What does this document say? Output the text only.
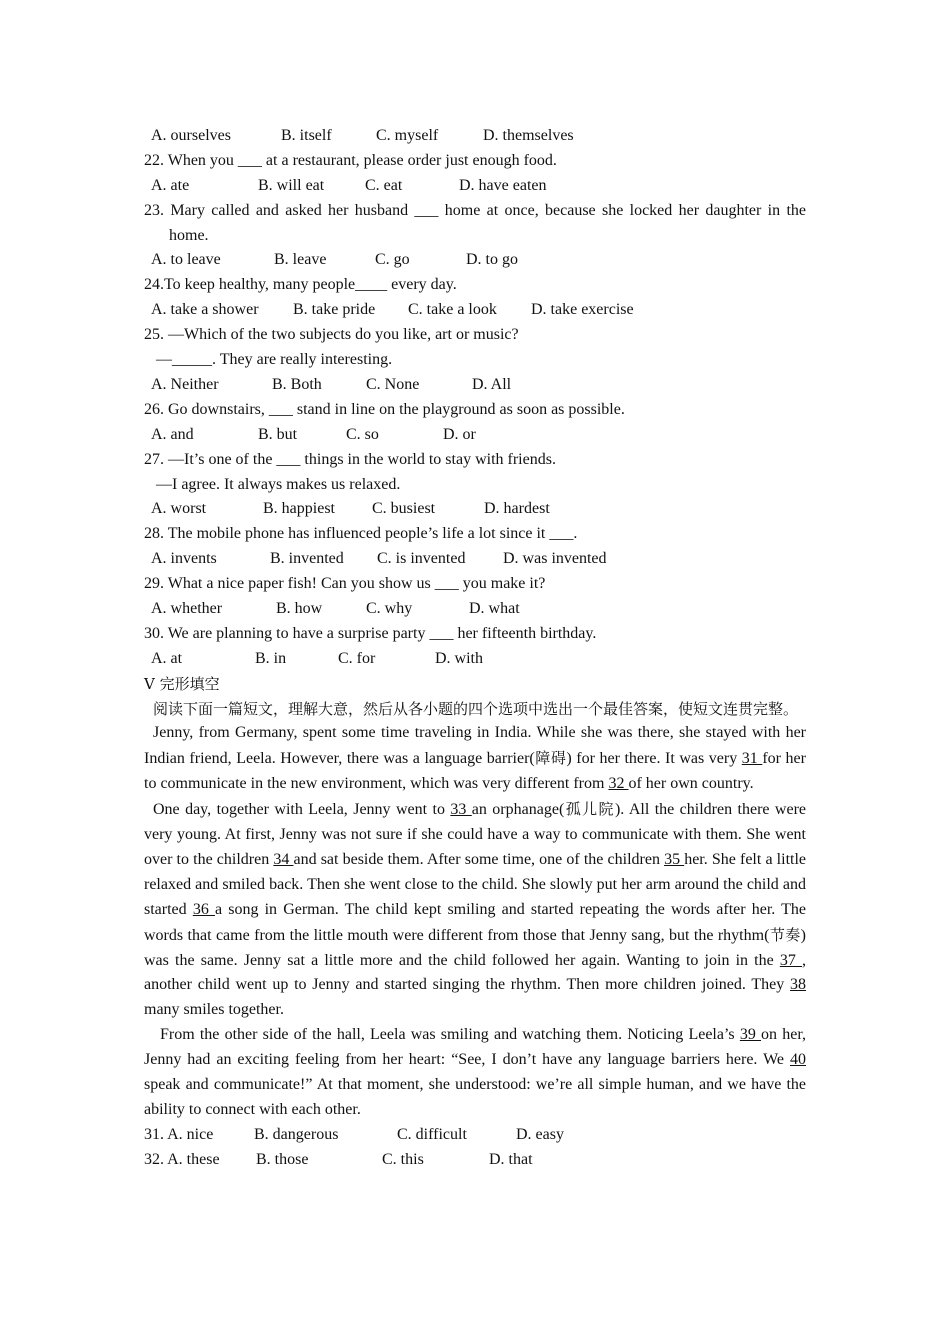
A. ourselves	B. itself	C. myself	D. themselves
22. When you ___ at a restaurant, please order just enough food.
A. ate	B. will eat	C. eat	D. have eaten
23. Mary called and asked her husband ___ home at once, because she locked her daughter in the home.
A. to leave	B. leave	C. go	D. to go
24.To keep healthy, many people____ every day.
A. take a shower B. take pride C. take a look D. take exercise
25. —Which of the two subjects do you like, art or music?
—_____. They are really interesting.
A. Neither	B. Both	C. None	D. All
26. Go downstairs, ___ stand in line on the playground as soon as possible.
A. and	B. but	C. so	D. or
27. —It’s one of the ___ things in the world to stay with friends.
—I agree. It always makes us relaxed.
A. worst	B. happiest C. busiest	D. hardest
28. The mobile phone has influenced people’s life a lot since it ___.
A. invents	B. invented C. is invented D. was invented
29. What a nice paper fish! Can you show us ___ you make it?
A. whether	B. how	C. why	D. what
30. We are planning to have a surprise party ___ her fifteenth birthday.
A. at	B. in	C. for	D. with
V 完形填空
阅读下面一篇短文，理解大意，然后从各小题的四个选项中选出一个最佳答案，使短文连贯完整。
Jenny, from Germany, spent some time traveling in India. While she was there, she stayed with her Indian friend, Leela. However, there was a language barrier(障碍) for her there. It was very 31 for her to communicate in the new environment, which was very different from 32 of her own country.
One day, together with Leela, Jenny went to 33 an orphanage(孤儿院). All the children there were very young. At first, Jenny was not sure if she could have a way to communicate with them. She went over to the children 34 and sat beside them. After some time, one of the children 35 her. She felt a little relaxed and smiled back. Then she went close to the child. She slowly put her arm around the child and started 36 a song in German. The child kept smiling and started repeating the words after her. The words that came from the little mouth were different from those that Jenny sang, but the rhythm(节奏) was the same. Jenny sat a little more and the child followed her again. Wanting to join in the 37 , another child went up to Jenny and started singing the rhythm. Then more children joined. They 38 many smiles together.
From the other side of the hall, Leela was smiling and watching them. Noticing Leela’s 39 on her, Jenny had an exciting feeling from her heart: “See, I don’t have any language barriers here. We 40 speak and communicate!” At that moment, she understood: we’re all simple human, and we have the ability to connect with each other.
31. A. nice	B. dangerous	C. difficult	D. easy
32. A. these B. those	C. this	D. that
